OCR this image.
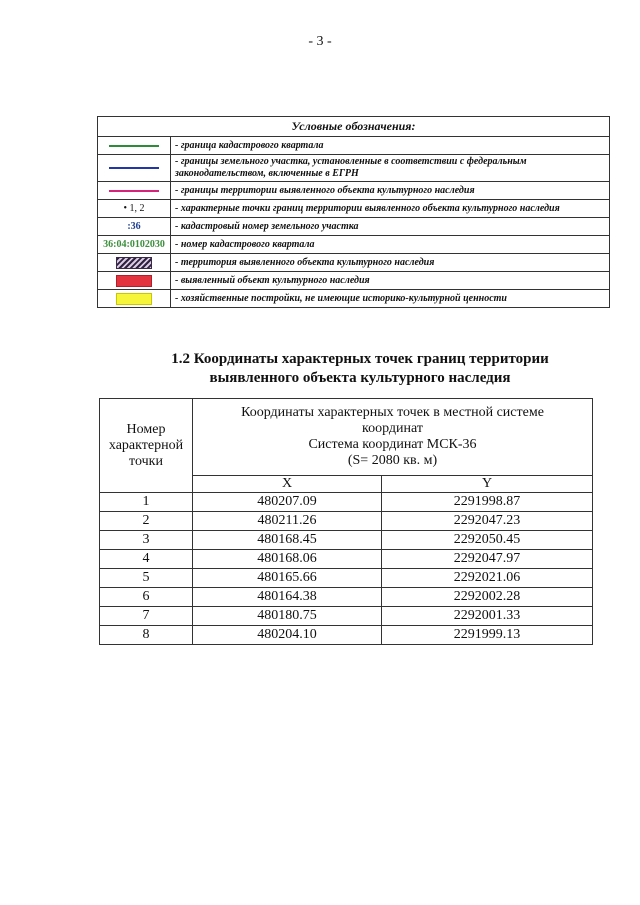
- 3 -
Условные обозначения:	
	- граница кадастрового квартала
	- границы земельного участка, установленные в соответствии с федеральным законодательством, включенные в ЕГРН
	- границы территории выявленного объекта культурного наследия
• 1, 2	- характерные точки границ территории выявленного объекта культурного наследия
:36	- кадастровый номер земельного участка
36:04:0102030	- номер кадастрового квартала
	- территория выявленного объекта культурного наследия
	- выявленный объект культурного наследия
	- хозяйственные постройки, не имеющие историко-культурной ценности
1.2 Координаты характерных точек границ территории
выявленного объекта культурного наследия
Номер
характерной
точки	Координаты характерных точек в местной системе
координат
Система координат МСК-36
(S= 2080 кв. м)	

	X	Y
1	480207.09	2291998.87
2	480211.26	2292047.23
3	480168.45	2292050.45
4	480168.06	2292047.97
5	480165.66	2292021.06
6	480164.38	2292002.28
7	480180.75	2292001.33
8	480204.10	2291999.13
